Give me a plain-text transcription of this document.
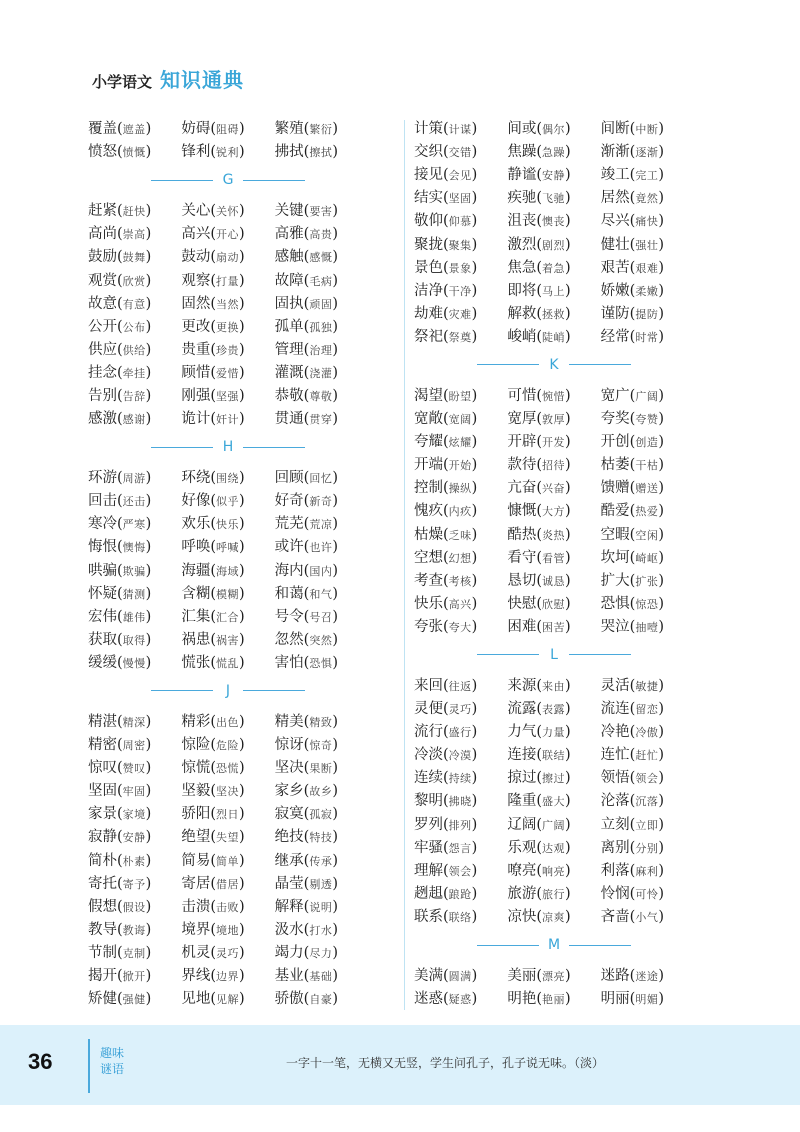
小学语文 知识通典
覆盖(遮盖)	妨碍(阻碍)	繁殖(繁衍)
愤怒(愤慨)	锋利(锐利)	拂拭(擦拭)
G
赶紧(赶快)	关心(关怀)	关键(要害)
高尚(崇高)	高兴(开心)	高雅(高贵)
鼓励(鼓舞)	鼓动(扇动)	感触(感慨)
观赏(欣赏)	观察(打量)	故障(毛病)
故意(有意)	固然(当然)	固执(顽固)
公开(公布)	更改(更换)	孤单(孤独)
供应(供给)	贵重(珍贵)	管理(治理)
挂念(牵挂)	顾惜(爱惜)	灌溉(浇灌)
告别(告辞)	刚强(坚强)	恭敬(尊敬)
感激(感谢)	诡计(奸计)	贯通(贯穿)
H
环游(周游)	环绕(围绕)	回顾(回忆)
回击(还击)	好像(似乎)	好奇(新奇)
寒冷(严寒)	欢乐(快乐)	荒芜(荒凉)
悔恨(懊悔)	呼唤(呼喊)	或许(也许)
哄骗(欺骗)	海疆(海域)	海内(国内)
怀疑(猜测)	含糊(模糊)	和蔼(和气)
宏伟(雄伟)	汇集(汇合)	号令(号召)
获取(取得)	祸患(祸害)	忽然(突然)
缓缓(慢慢)	慌张(慌乱)	害怕(恐惧)
J
精湛(精深)	精彩(出色)	精美(精致)
精密(周密)	惊险(危险)	惊讶(惊奇)
惊叹(赞叹)	惊慌(恐慌)	坚决(果断)
坚固(牢固)	坚毅(坚决)	家乡(故乡)
家景(家境)	骄阳(烈日)	寂寞(孤寂)
寂静(安静)	绝望(失望)	绝技(特技)
简朴(朴素)	简易(简单)	继承(传承)
寄托(寄予)	寄居(借居)	晶莹(剔透)
假想(假设)	击溃(击败)	解释(说明)
教导(教诲)	境界(境地)	汲水(打水)
节制(克制)	机灵(灵巧)	竭力(尽力)
揭开(掀开)	界线(边界)	基业(基础)
矫健(强健)	见地(见解)	骄傲(自豪)
计策(计谋)	间或(偶尔)	间断(中断)
交织(交错)	焦躁(急躁)	渐渐(逐渐)
接见(会见)	静谧(安静)	竣工(完工)
结实(坚固)	疾驰(飞驰)	居然(竟然)
敬仰(仰慕)	沮丧(懊丧)	尽兴(痛快)
聚拢(聚集)	激烈(剧烈)	健壮(强壮)
景色(景象)	焦急(着急)	艰苦(艰难)
洁净(干净)	即将(马上)	娇嫩(柔嫩)
劫难(灾难)	解救(拯救)	谨防(提防)
祭祀(祭奠)	峻峭(陡峭)	经常(时常)
K
渴望(盼望)	可惜(惋惜)	宽广(广阔)
宽敞(宽阔)	宽厚(敦厚)	夸奖(夸赞)
夸耀(炫耀)	开辟(开发)	开创(创造)
开端(开始)	款待(招待)	枯萎(干枯)
控制(操纵)	亢奋(兴奋)	馈赠(赠送)
愧疚(内疚)	慷慨(大方)	酷爱(热爱)
枯燥(乏味)	酷热(炎热)	空暇(空闲)
空想(幻想)	看守(看管)	坎坷(崎岖)
考查(考核)	恳切(诚恳)	扩大(扩张)
快乐(高兴)	快慰(欣慰)	恐惧(惊恐)
夸张(夸大)	困难(困苦)	哭泣(抽噎)
L
来回(往返)	来源(来由)	灵活(敏捷)
灵便(灵巧)	流露(表露)	流连(留恋)
流行(盛行)	力气(力量)	冷艳(冷傲)
冷淡(冷漠)	连接(联结)	连忙(赶忙)
连续(持续)	掠过(擦过)	领悟(领会)
黎明(拂晓)	隆重(盛大)	沦落(沉落)
罗列(排列)	辽阔(广阔)	立刻(立即)
牢骚(怨言)	乐观(达观)	离别(分别)
理解(领会)	嘹亮(响亮)	利落(麻利)
趔趄(踉跄)	旅游(旅行)	怜悯(可怜)
联系(联络)	凉快(凉爽)	吝啬(小气)
M
美满(圆满)	美丽(漂亮)	迷路(迷途)
迷惑(疑惑)	明艳(艳丽)	明丽(明媚)
36	趣味谜语	一字十一笔，无横又无竖，学生问孔子，孔子说无味。（淡）
